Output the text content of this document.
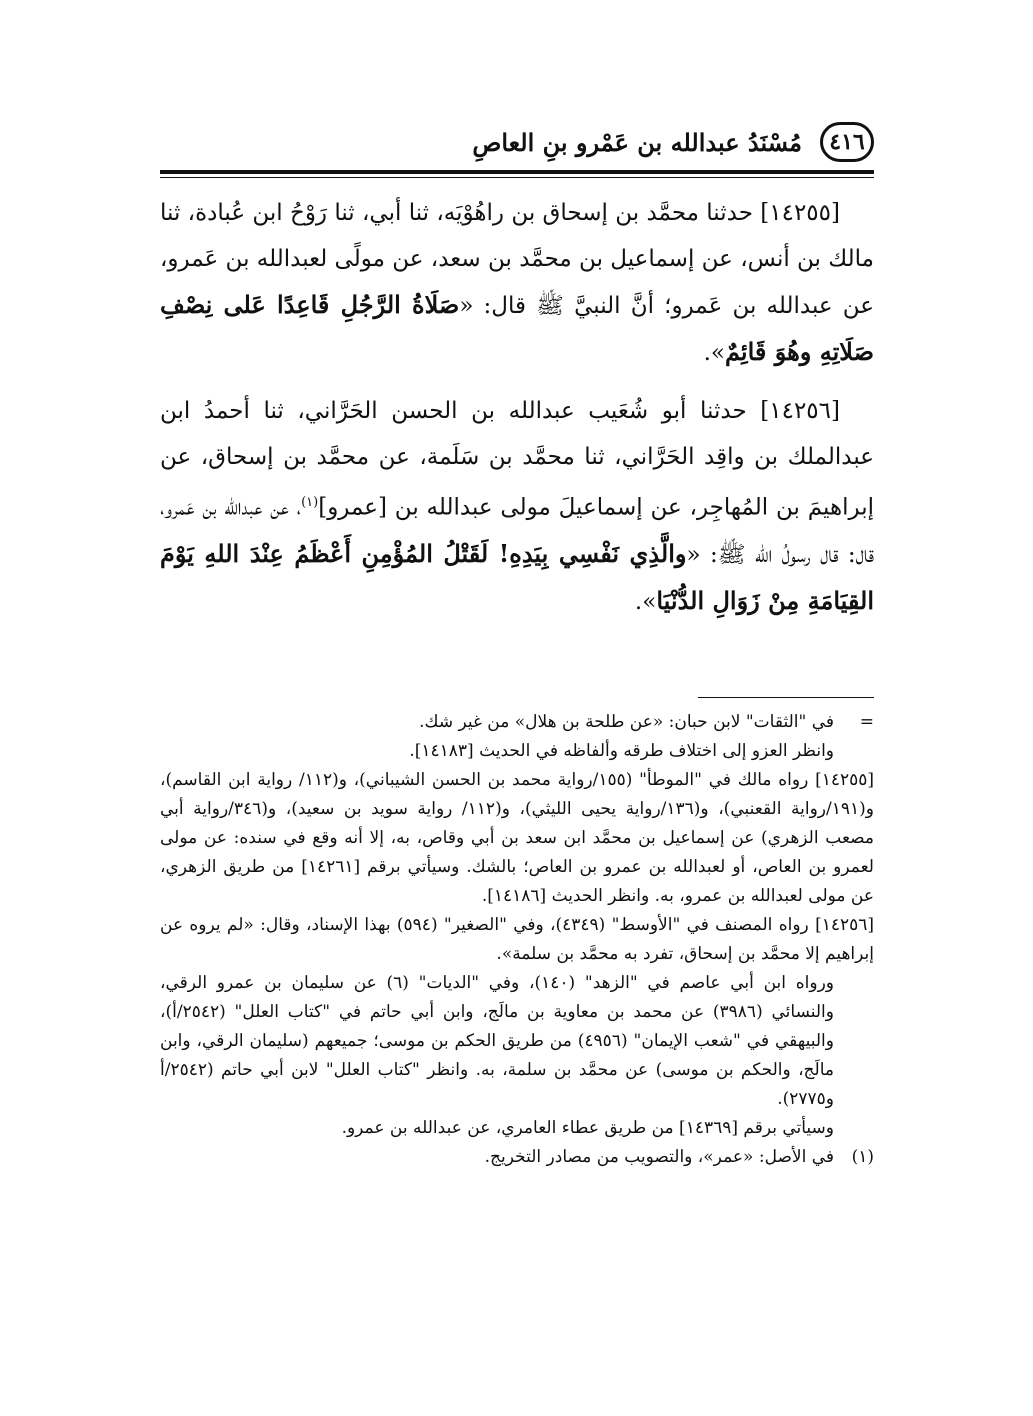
٤١٦
مُسْنَدُ عبدالله بن عَمْرو بنِ العاصِ

[١٤٢٥٥] حدثنا محمَّد بن إسحاق بن راهُوْيَه، ثنا أبي، ثنا رَوْحُ ابن عُبادة، ثنا مالك بن أنس، عن إسماعيل بن محمَّد بن سعد، عن مولًى لعبدالله بن عَمرو، عن عبدالله بن عَمرو؛ أنَّ النبيَّ ﷺ قال: «صَلَاةُ الرَّجُلِ قَاعِدًا عَلى نِصْفِ صَلَاتِهِ وهُوَ قَائِمٌ».

[١٤٢٥٦] حدثنا أبو شُعَيب عبدالله بن الحسن الحَرَّاني، ثنا أحمدُ ابن عبدالملك بن واقِد الحَرَّاني، ثنا محمَّد بن سَلَمة، عن محمَّد بن إسحاق، عن إبراهيمَ بن المُهاجِر، عن إسماعيلَ مولى عبدالله بن [عمرو]$^{(١)}$، عن عبدالله بن عَمرو، قال: قال رسولُ الله ﷺ: «والَّذِي نَفْسِي بِيَدِهِ! لَقَتْلُ المُؤْمِنِ أَعْظَمُ عِنْدَ اللهِ يَوْمَ القِيَامَةِ مِنْ زَوَالِ الدُّنْيَا».

=

في "الثقات" لابن حبان: «عن طلحة بن هلال» من غير شك.

وانظر العزو إلى اختلاف طرقه وألفاظه في الحديث [١٤١٨٣].

[١٤٢٥٥] رواه مالك في "الموطأ" (١٥٥/رواية محمد بن الحسن الشيباني)، و(١١٢/ رواية ابن القاسم)، و(١٩١/رواية القعنبي)، و(١٣٦/رواية يحيى الليثي)، و(١١٢/ رواية سويد بن سعيد)، و(٣٤٦/رواية أبي مصعب الزهري) عن إسماعيل بن محمَّد ابن سعد بن أبي وقاص، به، إلا أنه وقع في سنده: عن مولى لعمرو بن العاص، أو لعبدالله بن عمرو بن العاص؛ بالشك. وسيأتي برقم [١٤٢٦١] من طريق الزهري، عن مولى لعبدالله بن عمرو، به. وانظر الحديث [١٤١٨٦].

[١٤٢٥٦] رواه المصنف في "الأوسط" (٤٣٤٩)، وفي "الصغير" (٥٩٤) بهذا الإسناد، وقال: «لم يروه عن إبراهيم إلا محمَّد بن إسحاق، تفرد به محمَّد بن سلمة».

ورواه ابن أبي عاصم في "الزهد" (١٤٠)، وفي "الديات" (٦) عن سليمان بن عمرو الرقي، والنسائي (٣٩٨٦) عن محمد بن معاوية بن مالَج، وابن أبي حاتم في "كتاب العلل" (٢٥٤٢/أ)، والبيهقي في "شعب الإيمان" (٤٩٥٦) من طريق الحكم بن موسى؛ جميعهم (سليمان الرقي، وابن مالَج، والحكم بن موسى) عن محمَّد بن سلمة، به. وانظر "كتاب العلل" لابن أبي حاتم (٢٥٤٢/أ و٢٧٧٥).

وسيأتي برقم [١٤٣٦٩] من طريق عطاء العامري، عن عبدالله بن عمرو.

(١)

في الأصل: «عمر»، والتصويب من مصادر التخريج.
